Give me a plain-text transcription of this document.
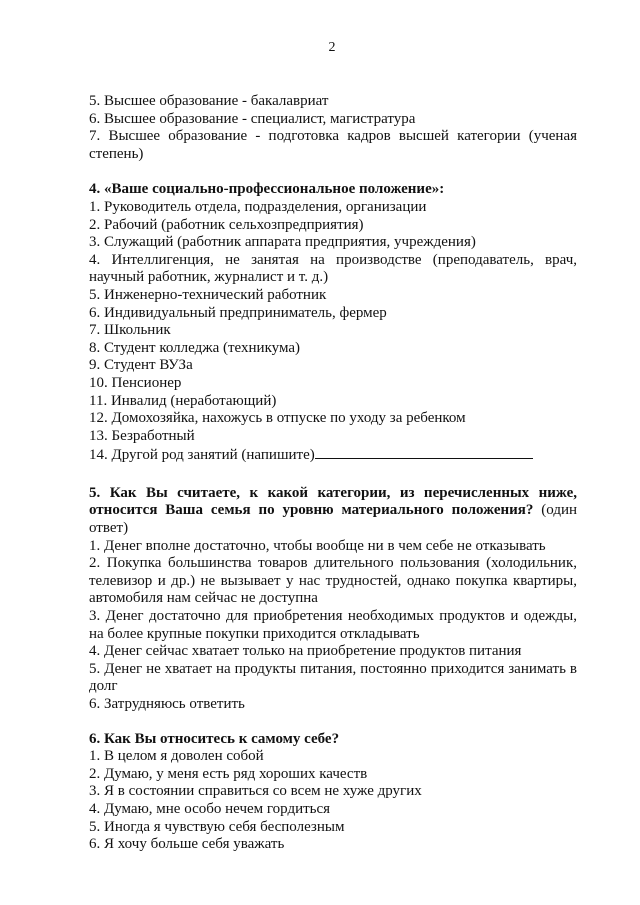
2
5. Высшее образование - бакалавриат
6. Высшее образование - специалист, магистратура
7. Высшее образование - подготовка кадров высшей категории (ученая степень)
4. «Ваше социально-профессиональное положение»:
1. Руководитель отдела, подразделения, организации
2. Рабочий (работник сельхозпредприятия)
3. Служащий (работник аппарата предприятия, учреждения)
4. Интеллигенция, не занятая на производстве (преподаватель, врач, научный работник, журналист и т. д.)
5. Инженерно-технический работник
6. Индивидуальный предприниматель, фермер
7. Школьник
8. Студент колледжа (техникума)
9. Студент ВУЗа
10. Пенсионер
11. Инвалид (неработающий)
12. Домохозяйка, нахожусь в отпуске по уходу за ребенком
13. Безработный
14. Другой род занятий (напишите)
5. Как Вы считаете, к какой категории, из перечисленных ниже, относится Ваша семья по уровню материального положения? (один ответ)
1. Денег вполне достаточно, чтобы вообще ни в чем себе не отказывать
2. Покупка большинства товаров длительного пользования (холодильник, телевизор и др.) не вызывает у нас трудностей, однако покупка квартиры, автомобиля нам сейчас не доступна
3. Денег достаточно для приобретения необходимых продуктов и одежды, на более крупные покупки приходится откладывать
4. Денег сейчас хватает только на приобретение продуктов питания
5. Денег не хватает на продукты питания, постоянно приходится занимать в долг
6. Затрудняюсь ответить
6. Как Вы относитесь к самому себе?
1. В целом я доволен собой
2. Думаю, у меня есть ряд хороших качеств
3. Я в состоянии справиться со всем не хуже других
4. Думаю, мне особо нечем гордиться
5. Иногда я чувствую себя бесполезным
6. Я хочу больше себя уважать
